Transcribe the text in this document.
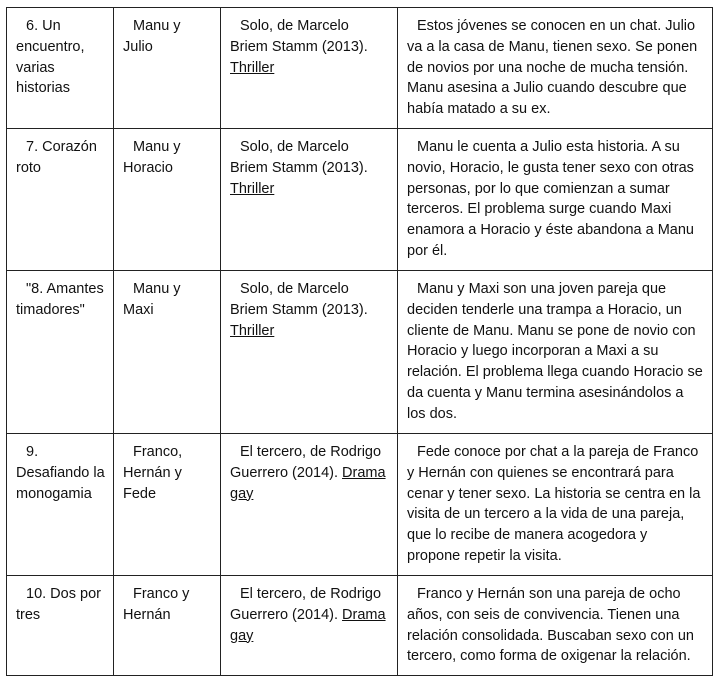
6. Un encuentro, varias historias	Manu y Julio	Solo, de Marcelo Briem Stamm (2013). Thriller	Estos jóvenes se conocen en un chat. Julio va a la casa de Manu, tienen sexo. Se ponen de novios por una noche de mucha tensión. Manu asesina a Julio cuando descubre que había matado a su ex.

7. Corazón roto	Manu y Horacio	Solo, de Marcelo Briem Stamm (2013). Thriller	Manu le cuenta a Julio esta historia. A su novio, Horacio, le gusta tener sexo con otras personas, por lo que comienzan a sumar terceros. El problema surge cuando Maxi enamora a Horacio y éste abandona a Manu por él.

"8. Amantes timadores"	Manu y Maxi	Solo, de Marcelo Briem Stamm (2013). Thriller	Manu y Maxi son una joven pareja que deciden tenderle una trampa a Horacio, un cliente de Manu. Manu se pone de novio con Horacio y luego incorporan a Maxi a su relación. El problema llega cuando Horacio se da cuenta y Manu termina asesinándolos a los dos.

9. Desafiando la monogamia	Franco, Hernán y Fede	El tercero, de Rodrigo Guerrero (2014). Drama gay	Fede conoce por chat a la pareja de Franco y Hernán con quienes se encontrará para cenar y tener sexo. La historia se centra en la visita de un tercero a la vida de una pareja, que lo recibe de manera acogedora y propone repetir la visita.

10. Dos por tres	Franco y Hernán	El tercero, de Rodrigo Guerrero (2014). Drama gay	Franco y Hernán son una pareja de ocho años, con seis de convivencia. Tienen una relación consolidada. Buscaban sexo con un tercero, como forma de oxigenar la relación.
